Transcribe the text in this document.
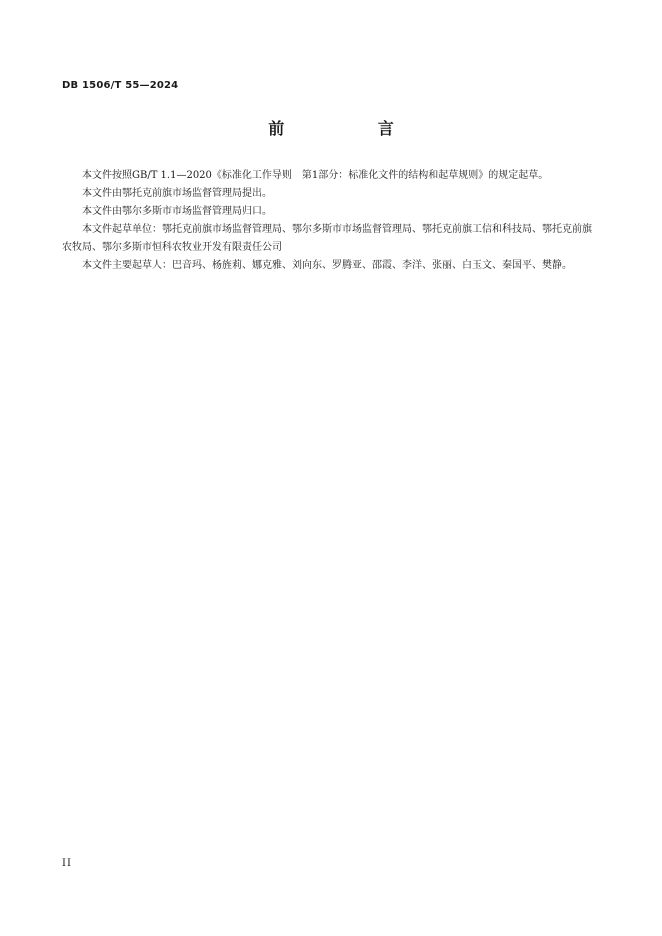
DB 1506/T 55—2024
前 言

本文件按照GB/T 1.1—2020《标准化工作导则　第1部分：标准化文件的结构和起草规则》的规定起草。

本文件由鄂托克前旗市场监督管理局提出。

本文件由鄂尔多斯市市场监督管理局归口。

本文件起草单位：鄂托克前旗市场监督管理局、鄂尔多斯市市场监督管理局、鄂托克前旗工信和科技局、鄂托克前旗农牧局、鄂尔多斯市恒科农牧业开发有限责任公司

本文件主要起草人：巴音玛、杨旌莉、娜克雅、刘向东、罗腾亚、邵霞、李洋、张丽、白玉文、秦国平、樊静。

II
